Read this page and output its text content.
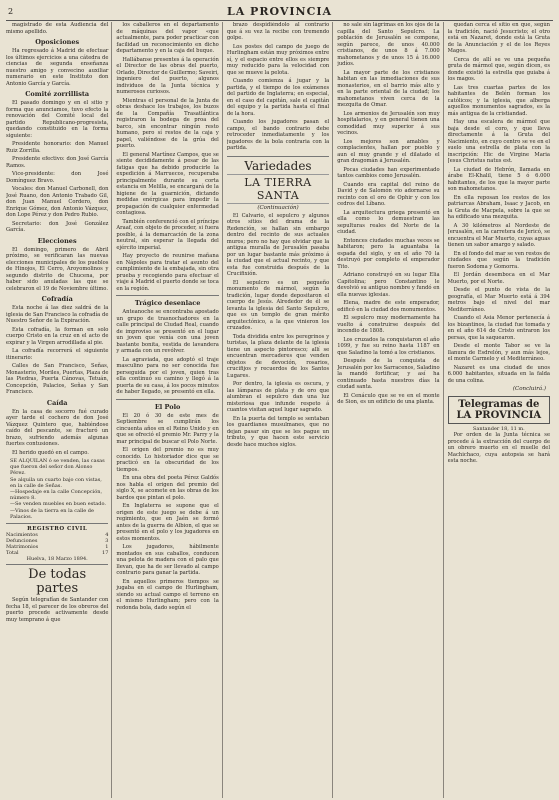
2	LA PROVINCIA

magistrado de esta Audiencia del mismo apellido.

Oposiciones

Ha regresado á Madrid de efectuar los últimos ejercicios a una cátedra de ciencias de segunda enseñanza nuestro amigo y convecino auxiliar numerario en este Instituto don Antonio García y García.

Comité zorrillista

El pasado domingo y en el sitio y forma que anunciamos, tuvo efecto la renovación del Comité local del partido Republicano-progresista, quedando constituido en la forma siguiente:

Presidente honorario: don Manuel Ruiz Zorrilla.

Presidente efectivo: don José García Ramos.

Vice-presidente: don José Domínguez Bravo.

Vocales: don Manuel Carbonell, don José Ruano, don Antonio Trabado Gil, don Juan Manuel Cordero, don Enrique Gómez, don Antonio Vázquez, don Lope Pérez y don Pedro Rubio.

Secretario: don José González García.

Elecciones

El domingo, primero de Abril próximo, se verificaran las nuevas elecciones municipales de los pueblos de Hinojos, El Cerro, Aroyomolinos y segundo distrito de Chucena, por haber sido anuladas las que se celebraron el 19 de Noviembre último.

Cofradía

Esta noche á las diez saldrá de la iglesia de San Francisco la cofradía de Nuestro Señor de la Expiración.

Esta cofradía, la forman en solo cuerpo Cristo en la cruz en el acto de expirar y la Virgen arrodillada al pie.

La cofradía recorrerá el siguiente itinerario:

Calles de San Francisco, Señas, Monasterio, Moriles, Puertas, Plaza de las Piedras, Puerta Cánovas, Tetuán, Concepción, Palacios, Señas y San Francisco.

Caída

En la casa de socorro fué curado ayer tarde el cochero de don José Vázquez Quintero que, habiéndose caído del pescante, se fracturó un brazo, sufriendo además algunas fuertes contusiones.

El herido quedó en el campo.

SE ALQUILAN ó se venden, las casas que fueron del señor don Alonso Pérez.
Se alquila un cuarto bajo con vistas, en la calle de Señas.
—Hospedaje en la calle Concepción, número 8.
—Se venden muebles en buen estado.
—Vinos de la tierra en la calle de Palacios.
REGISTRO CIVIL
Nacimientos	4
Defunciones	3
Matrimonios	1
Total	17
Huelva, 18 Marzo 1894.
De todas partes

Según telegrafían de Santander con fecha 18, el parecer de los obreros del puerto procede activamente desde muy temprano á que

los caballeros en el departamento de máquinas del vapor «que actualmente, para poder practicar con facilidad un reconocimiento en dicho departamento y en la caja del buque.

Hallábanse presentes á la operación el Director de las obras del puerto, Orlado, Director de Guillermo; Saveiri, ingeniero del puerto, algunos individuos de la Junta técnica y numerosos curiosos.

Mientras el personal de la Junta de obras deshace los trabajos, los buzos de la Compañía Trasatlántica registraron la bodega de proa del barco, sin encontrar ningún resto humano, pero sí restos de la caja y papel, valiéndose de la grúa del puerto.

El general Martínez Campos, que se siente decididamente á pesar de las fatigas que ha debido producirle la expedición á Marruecos, recuperaba principalmente durante su corta estancia en Melilla, se encargará de la higiene de la guarnición, dictando medidas enérgicas para impedir la propagación de cualquier enfermedad contagiosa.

También conferenció con el príncipe Araaf, con objeto de proceder, si fuera posible, á la demarcación de la zona neutral, sin esperar la llegada del ejército imperial.

Hay proyecto de reunirse mañana en Nápoles para tratar el asunto del cumplimiento de la embajada, sin otra prueba y recogiendo para efectuar el viaje á Madrid el puerto donde se toca en la región.

Trágico desenlace

Anteanoche se encontraba apostado un grupo de trasnochadores en la calle principal de Ciudad Real, cuando de improviso se presentó en el lugar un joven que venía con una joven bastante bonita, vestida de lavandera y armada con un revólver.

La agraviada, que adoptó el traje masculino para no ser conocida fue perseguida por el joven, quien tras ella continuó su camino y llegó á la puerta de su casa, á los pocos minutos de haber llegado, se presentó en ella.

El Polo

El 20 ó 30 de este mes de Septiembre se cumplirán los cincuenta años en el Reino Unido y en que se ofreció el premio Mr. Parry y la mar principal de buscar el Polo Norte.

El origen del premio no es muy conocido. Lo historiador dice que se practicó en la obscuridad de los tiempos.

En una obra del poeta Pérez Galdós nos habla el origen del premio del siglo X, se acomete en las obras de los bardos que pintan el polo.

En Inglaterra se supone que el origen de este juego se debe á un regimiento, que en Jaén se formó antes de la guerra de Albion, el que se presentó en el polo y los jugadores en estos momentos.

Los jugadores, hábilmente montados en sus caballos, conducen una pelota de madera con el palo que llevan, que ha de ser llevado al campo contrario para ganar la partida.

En aquellos primeros tiempos se jugaba en el campo de Hurlingham, siendo su actual campo el terreno en el mismo Hurlingham; pero con la redonda bola, dado según el

brazo despidiéndolo al contrario que á su vez la recibe con tremendo golpe.

Los postes del campo de juego de Hurlingham están muy próximos entre sí, y el espacio entre ellos es siempre muy reducido para la velocidad con que se mueve la pelota.

Cuando comienza á jugar y la partida, y el tiempo de los exámenes del partido de Inglaterra; en especial, en el caso del capitán, sale el capitán del equipo y la partida hasta el final de la hora.

Cuando los jugadores pasan el campo, el bando contrario debe retroceder inmediatamente y los jugadores de la bola contraria con la partida.

Variedades
LA TIERRA SANTA
(Continuación)

El Calvario, el sepulcro y algunos otros sitios del drama de la Redención, se hallan sin embargo dentro del recinto de sus actuales muros; pero no hay que olvidar que la antigua muralla de Jerusalén pasaba por un lugar bastante más próximo á la ciudad que el actual recinto, y que esta fue construida después de la Crucifixión.

El sepulcro es un pequeño monumento de mármol, según la tradición, lugar donde depositaron el cuerpo de Jesús. Alrededor de él se levanta la iglesia del Santo Sepulcro, que es un templo de gran mérito arquitectónico, a la que vinieron los cruzados.

Toda dividida entre los peregrinos y turistas, la plaza delante de la iglesia tiene un aspecto pintoresco; allí se encuentran mercaderes que venden objetos de devoción, rosarios, crucifijos y recuerdos de los Santos Lugares.

Por dentro, la iglesia es oscura, y las lámparas de plata y de oro que alumbran el sepulcro dan una luz misteriosa que infunde respeto á cuantos visitan aquel lugar sagrado.

En la puerta del templo se sentaban los guardianes musulmanes, que no dejan pasar sin que se les pague un tributo, y que hacen este servicio desde hace muchos siglos.

no sale sin lágrimas en los ojos de la capilla del Santo Sepulcro. La población de Jerusalén se compone, según parece, de unos 40.000 cristianos, de unos 8 á 7.000 mahometanos y de unos 15 á 16.000 judíos.

La mayor parte de los cristianos habitan en las inmediaciones de sus monasterios, en el barrio más alto y en la parte oriental de la ciudad; los mahometanos viven cerca de la mezquita de Omar.

Los armenios de Jerusalén son muy hospitalarios, y en general tienen una comodidad muy superior á sus vecinos.

Los mejores son amables y complacientes, hallan por pueblo y aun el muy grande y el dilatado el gran dragomán á Jerusalén.

Pocas ciudades han experimentado tantos cambios como Jerusalén.

Cuando era capital del reino de David y de Salomón vio adornarse su recinto con el oro de Ophir y con los cedros del Líbano.

La arquitectura griega presentó en ella como lo demuestran las sepulturas reales del Norte de la ciudad.

Entonces ciudades muchas veces se habitaron; pero la aguantaba la espada del siglo, y en el año 70 la destruyó por completo el emperador Tito.

Adriano construyó en su lugar Elia Capitolina; pero Constantino le devolvió su antiguo nombre y fundó en ella nuevas iglesias.

Elena, madre de este emperador, edificó en la ciudad dos monumentos.

El sepulcro muy modernamente ha vuelto á construirse después del incendio de 1808.

Los cruzados la conquistaron el año 1099, y fue su reino hasta 1187 en que Saladino la tomó a los cristianos.

Después de la conquista de Jerusalén por los Sarracenos, Saladino la mandó fortificar, y así ha continuado hasta nuestros días la ciudad santa.

El Cenáculo que se ve en el monte de Sion, es un edificio de una planta.

quedan cerca el sitio en que, según la tradición, nació Jesucristo; el otro está en Nazaret, donde está la Gruta de la Anunciación y el de los Reyes Magos.

Cerca de allí se ve una pequeña gruta de mármol que, según dicen, es donde existió la estrella que guiaba á los magos.

Las tres cuartas partes de los habitantes de Belén forman los católicos; y la iglesia, que alberga aquellos monumentos sagrados, es la más antigua de la cristiandad.

Hay una escalera de mármol que baja desde el coro, y que lleva directamente á la Gruta del Nacimiento, en cuyo centro se ve en el suelo una estrella de plata con la inscripción: Hic de Virgine Maria Jesus Christus natus est.

La ciudad de Hebrón, llamada en árabe El-Khalil, tiene 5 ó 6.000 habitantes, de los que la mayor parte son mahometanos.

En ella reposan los restos de los patriarcas Abraham, Isaac y Jacob, en la Gruta de Macpela, sobre la que se ha edificado una mezquita.

A 30 kilómetros al Nordeste de Jerusalén, en la carretera de Jericó, se encuentra el Mar Muerto, cuyas aguas tienen un sabor amargo y salado.

En el fondo del mar se ven restos de ciudades que según la tradición fueron Sodoma y Gomorra.

El Jordán desemboca en el Mar Muerto, por el Norte.

Desde el punto de vista de la geografía, el Mar Muerto está á 394 metros bajo el nivel del mar Mediterráneo.

Cuando el Asia Menor pertenecía á los bizantinos, la ciudad fue tomada y en el año 614 de Cristo entraron los persas, que la saquearon.

Desde el monte Tabor se ve la llanura de Esdrelón, y aun más lejos, el monte Carmelo y el Mediterráneo.

Nazaret es una ciudad de unos 6.000 habitantes, situada en la falda de una colina.

(Concluirá.)
Telegramas de LA PROVINCIA
Santander 18, 11 m.

Por orden de la Junta técnica se procede á la extracción del cuerpo de un obrero muerto en el muelle del Machichaco, cuya autopsia se hará esta noche.
